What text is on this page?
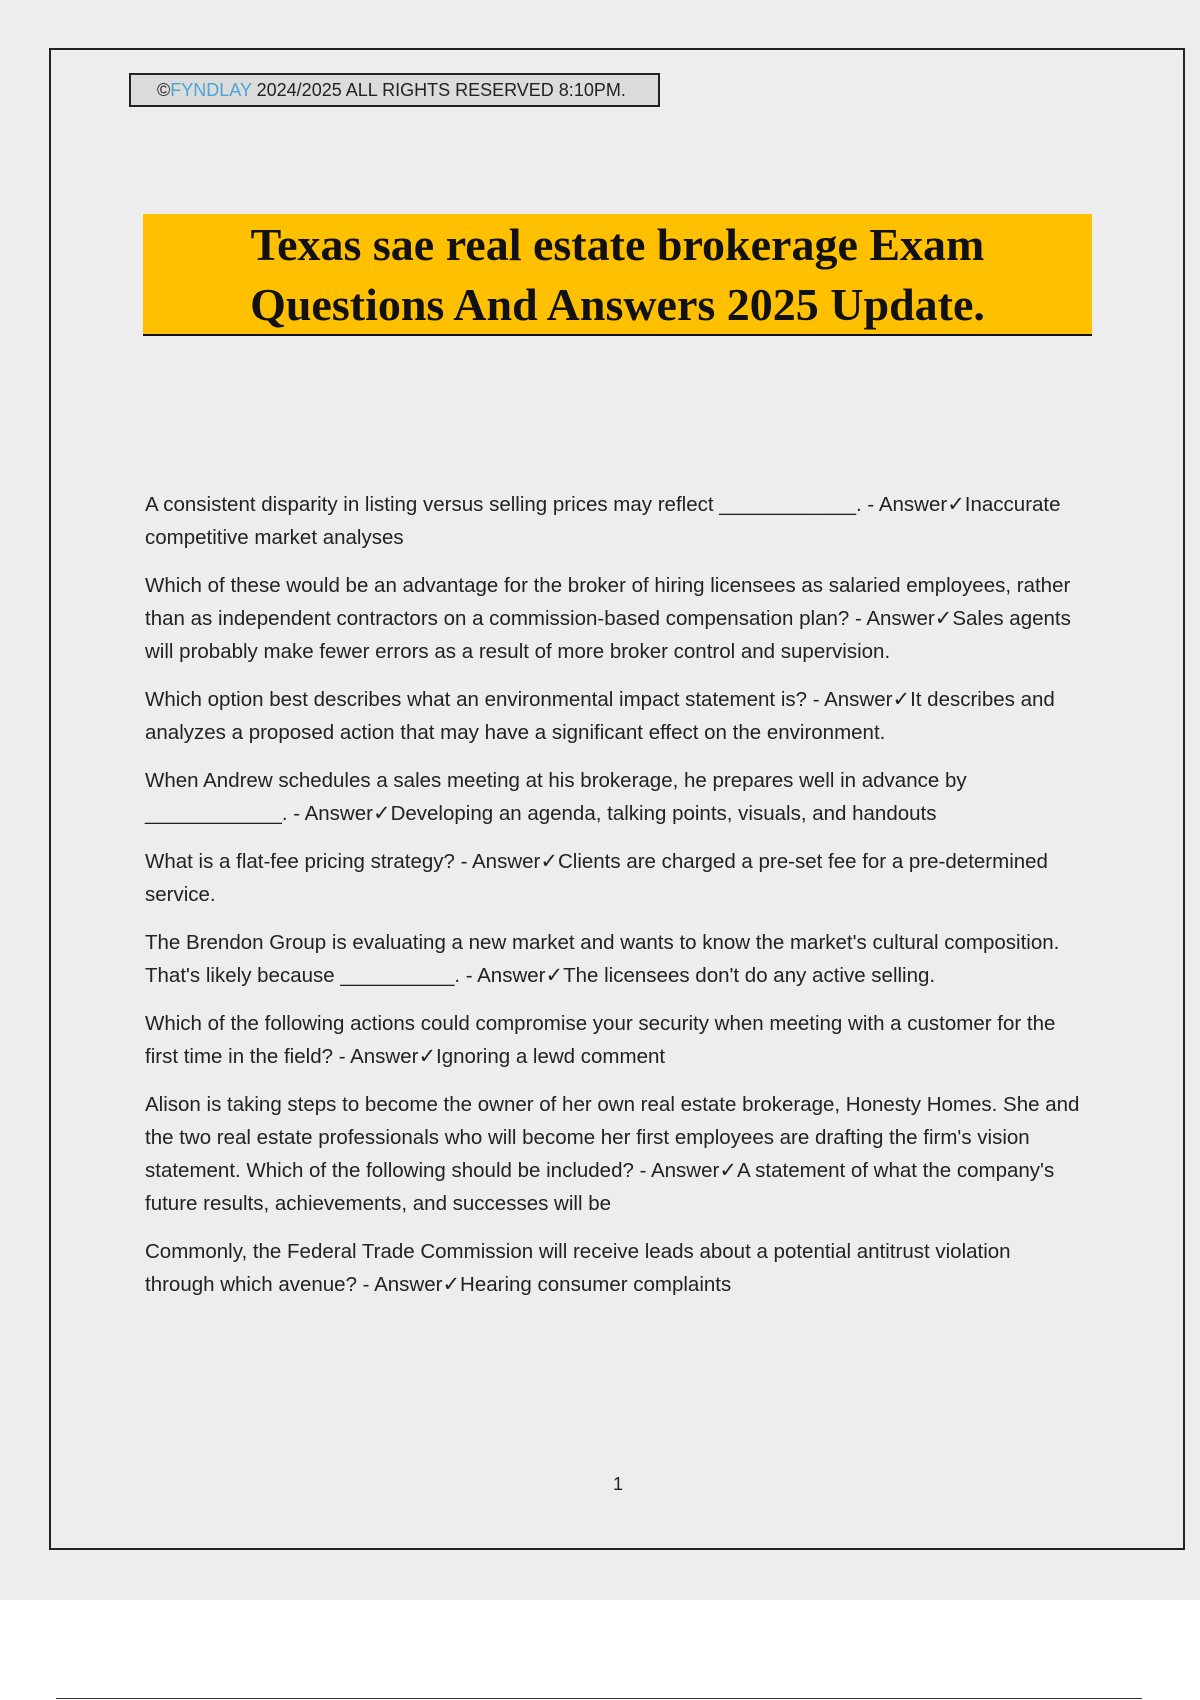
©FYNDLAY 2024/2025 ALL RIGHTS RESERVED 8:10PM.
Texas sae real estate brokerage Exam
Questions And Answers 2025 Update.

A consistent disparity in listing versus selling prices may reflect ____________. - Answer✓Inaccurate competitive market analyses

Which of these would be an advantage for the broker of hiring licensees as salaried employees, rather than as independent contractors on a commission-based compensation plan? - Answer✓Sales agents will probably make fewer errors as a result of more broker control and supervision.

Which option best describes what an environmental impact statement is? - Answer✓It describes and analyzes a proposed action that may have a significant effect on the environment.

When Andrew schedules a sales meeting at his brokerage, he prepares well in advance by ____________. - Answer✓Developing an agenda, talking points, visuals, and handouts

What is a flat-fee pricing strategy? - Answer✓Clients are charged a pre-set fee for a pre-determined service.

The Brendon Group is evaluating a new market and wants to know the market's cultural composition. That's likely because __________. - Answer✓The licensees don't do any active selling.

Which of the following actions could compromise your security when meeting with a customer for the first time in the field? - Answer✓Ignoring a lewd comment

Alison is taking steps to become the owner of her own real estate brokerage, Honesty Homes. She and the two real estate professionals who will become her first employees are drafting the firm's vision statement. Which of the following should be included? - Answer✓A statement of what the company's future results, achievements, and successes will be

Commonly, the Federal Trade Commission will receive leads about a potential antitrust violation through which avenue? - Answer✓Hearing consumer complaints

1
